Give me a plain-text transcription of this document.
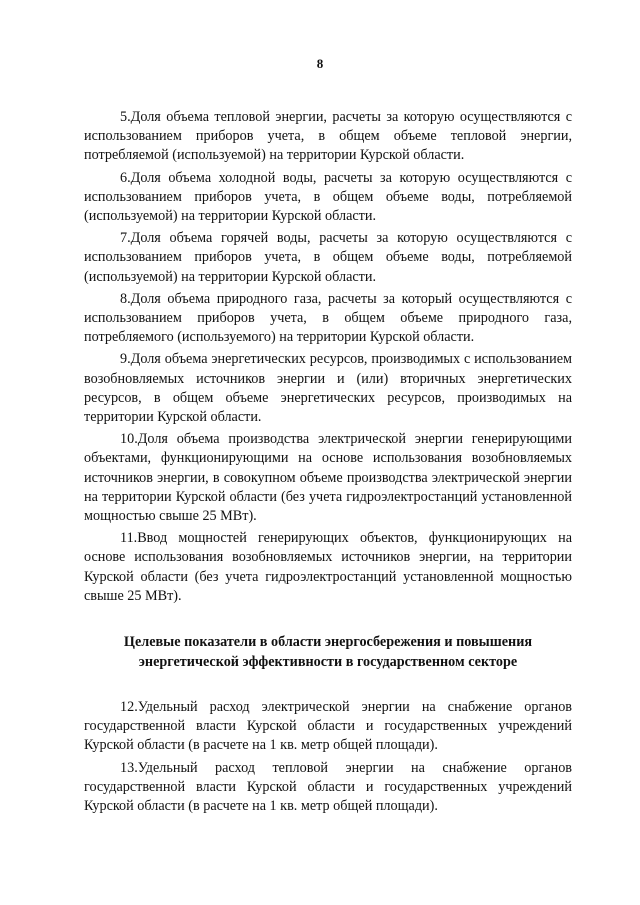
8

5.Доля объема тепловой энергии, расчеты за которую осуществляются с использованием приборов учета, в общем объеме тепловой энергии, потребляемой (используемой) на территории Курской области.

6.Доля объема холодной воды, расчеты за которую осуществляются с использованием приборов учета, в общем объеме воды, потребляемой (используемой) на территории Курской области.

7.Доля объема горячей воды, расчеты за которую осуществляются с использованием приборов учета, в общем объеме воды, потребляемой (используемой) на территории Курской области.

8.Доля объема природного газа, расчеты за который осуществляются с использованием приборов учета, в общем объеме природного газа, потребляемого (используемого) на территории Курской области.

9.Доля объема энергетических ресурсов, производимых с использованием возобновляемых источников энергии и (или) вторичных энергетических ресурсов, в общем объеме энергетических ресурсов, производимых на территории Курской области.

10.Доля объема производства электрической энергии генерирующими объектами, функционирующими на основе использования возобновляемых источников энергии, в совокупном объеме производства электрической энергии на территории Курской области (без учета гидроэлектростанций установленной мощностью свыше 25 МВт).

11.Ввод мощностей генерирующих объектов, функционирующих на основе использования возобновляемых источников энергии, на территории Курской области (без учета гидроэлектростанций установленной мощностью свыше 25 МВт).

Целевые показатели в области энергосбережения и повышения
энергетической эффективности в государственном секторе

12.Удельный расход электрической энергии на снабжение органов государственной власти Курской области и государственных учреждений Курской области (в расчете на 1 кв. метр общей площади).

13.Удельный расход тепловой энергии на снабжение органов государственной власти Курской области и государственных учреждений Курской области (в расчете на 1 кв. метр общей площади).
